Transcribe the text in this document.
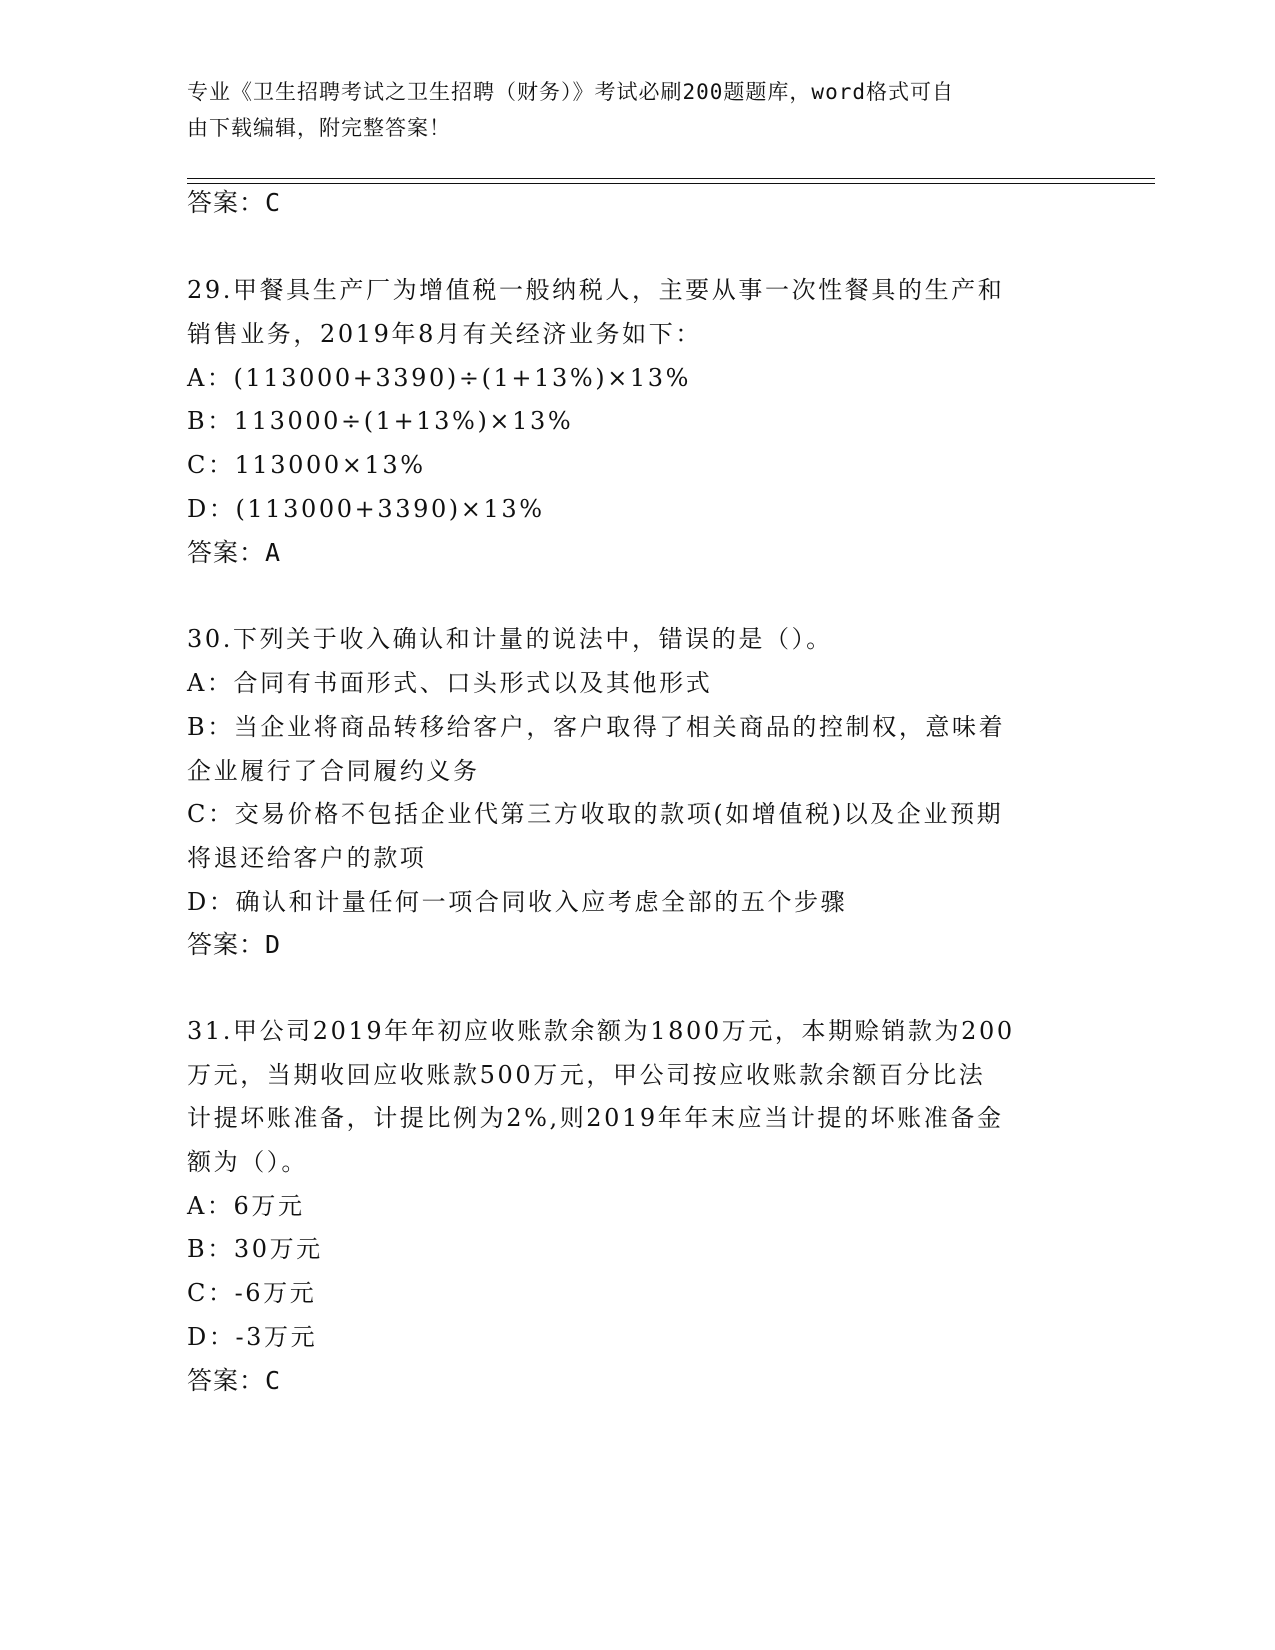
专业《卫生招聘考试之卫生招聘（财务）》考试必刷200题题库，word格式可自
由下载编辑，附完整答案！
答案：C
29.甲餐具生产厂为增值税一般纳税人，主要从事一次性餐具的生产和
销售业务，2019年8月有关经济业务如下：
A：(113000+3390)÷(1+13%)×13%
B：113000÷(1+13%)×13%
C：113000×13%
D：(113000+3390)×13%
答案：A
30.下列关于收入确认和计量的说法中，错误的是（）。
A：合同有书面形式、口头形式以及其他形式
B：当企业将商品转移给客户，客户取得了相关商品的控制权，意味着
企业履行了合同履约义务
C：交易价格不包括企业代第三方收取的款项(如增值税)以及企业预期
将退还给客户的款项
D：确认和计量任何一项合同收入应考虑全部的五个步骤
答案：D
31.甲公司2019年年初应收账款余额为1800万元，本期赊销款为200
万元，当期收回应收账款500万元，甲公司按应收账款余额百分比法
计提坏账准备，计提比例为2%,则2019年年末应当计提的坏账准备金
额为（）。
A：6万元
B：30万元
C：-6万元
D：-3万元
答案：C
